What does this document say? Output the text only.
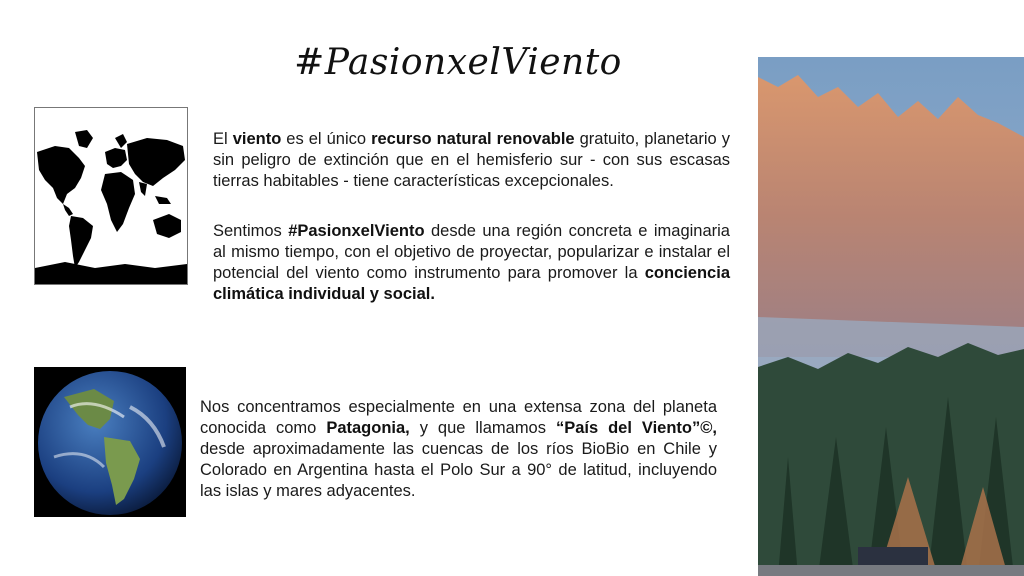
#PasionxelViento

El viento es el único recurso natural renovable gratuito, planetario y sin peligro de extinción que en el hemisferio sur - con sus escasas tierras habitables - tiene características excepcionales.

Sentimos #PasionxelViento desde una región concreta e imaginaria al mismo tiempo, con el objetivo de proyectar, popularizar e instalar el potencial del viento como instrumento para promover la conciencia climática individual y social.

Nos concentramos especialmente en una extensa zona del planeta conocida como Patagonia, y que llamamos “País del Viento”©, desde aproximadamente las cuencas de los ríos BioBio en Chile y Colorado en Argentina hasta el Polo Sur a 90° de latitud, incluyendo las islas y mares adyacentes.
